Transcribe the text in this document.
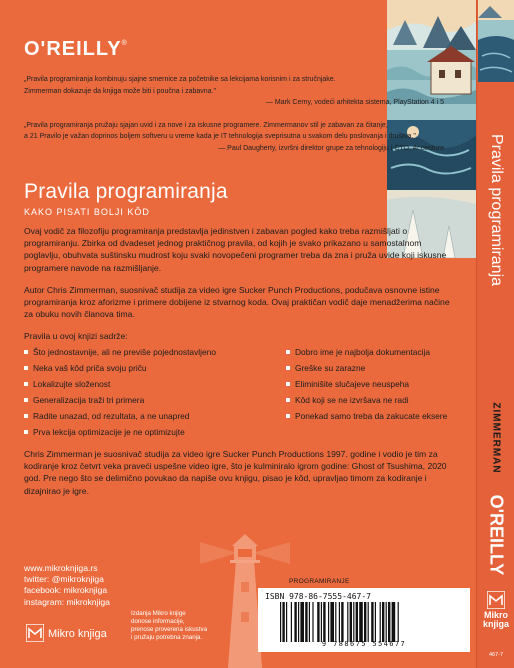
O'REILLY®

„Pravila programiranja kombinuju sjajne smernice za početnike sa lekcijama korisnim i za stručnjake.

Zimmerman dokazuje da knjiga može biti i poučna i zabavna."

— Mark Cerny, vodeći arhitekta sistema, PlayStation 4 i 5

„Pravila programiranja pružaju sjajan uvid i za nove i za iskusne programere. Zimmermanov stil je zabavan za čitanje,

a 21 Pravilo je važan doprinos boljem softveru u vreme kada je IT tehnologija sveprisutna u svakom delu poslovanja i društva."

— Paul Daugherty, izvršni direktor grupe za tehnologiju i CTO, Accenture

Pravila programiranja
KAKO PISATI BOLJI KÔD

Ovaj vodič za filozofiju programiranja predstavlja jedinstven i zabavan pogled kako treba razmišljati o programiranju. Zbirka od dvadeset jednog praktičnog pravila, od kojih je svako prikazano u samostalnom poglavlju, obuhvata suštinsku mudrost koju svaki novopečeni programer treba da zna i pruža uvide koji iskusne programere navode na razmišljanje.

Autor Chris Zimmerman, suosnivač studija za video igre Sucker Punch Productions, podučava osnovne istine programiranja kroz aforizme i primere dobijene iz stvarnog koda. Ovaj praktičan vodič daje menadžerima načine za obuku novih članova tima.

Pravila u ovoj knjizi sadrže:

Što jednostavnije, ali ne previše pojednostavljeno
Neka vaš kôd priča svoju priču
Lokalizujte složenost
Generalizacija traži tri primera
Radite unazad, od rezultata, a ne unapred
Prva lekcija optimizacije je ne optimizujte
Dobro ime je najbolja dokumentacija
Greške su zarazne
Eliminišite slučajeve neuspeha
Kôd koji se ne izvršava ne radi
Ponekad samo treba da zakucate eksere

Chris Zimmerman je suosnivač studija za video igre Sucker Punch Productions 1997. godine i vodio je tim za kodiranje kroz četvrt veka praveći uspešne video igre, što je kulminiralo igrom godine: Ghost of Tsushima, 2020 god. Pre nego što se delimično povukao da napiše ovu knjigu, pisao je kôd, upravljao timom za kodiranje i dizajnirao je igre.

www.mikroknjiga.rs
twitter: @mikroknjiga
facebook: mikroknjiga
instagram: mikroknjiga
Mikro knjiga
Izdanja Mikro knjige
donose informacije,
prenose proverena iskustva
i pružaju potrebna znanja.
PROGRAMIRANJE
ISBN 978-86-7555-467-7
9 788675 554677
Pravila programiranja
ZIMMERMAN
O'REILLY
Mikro
knjiga
467-7
